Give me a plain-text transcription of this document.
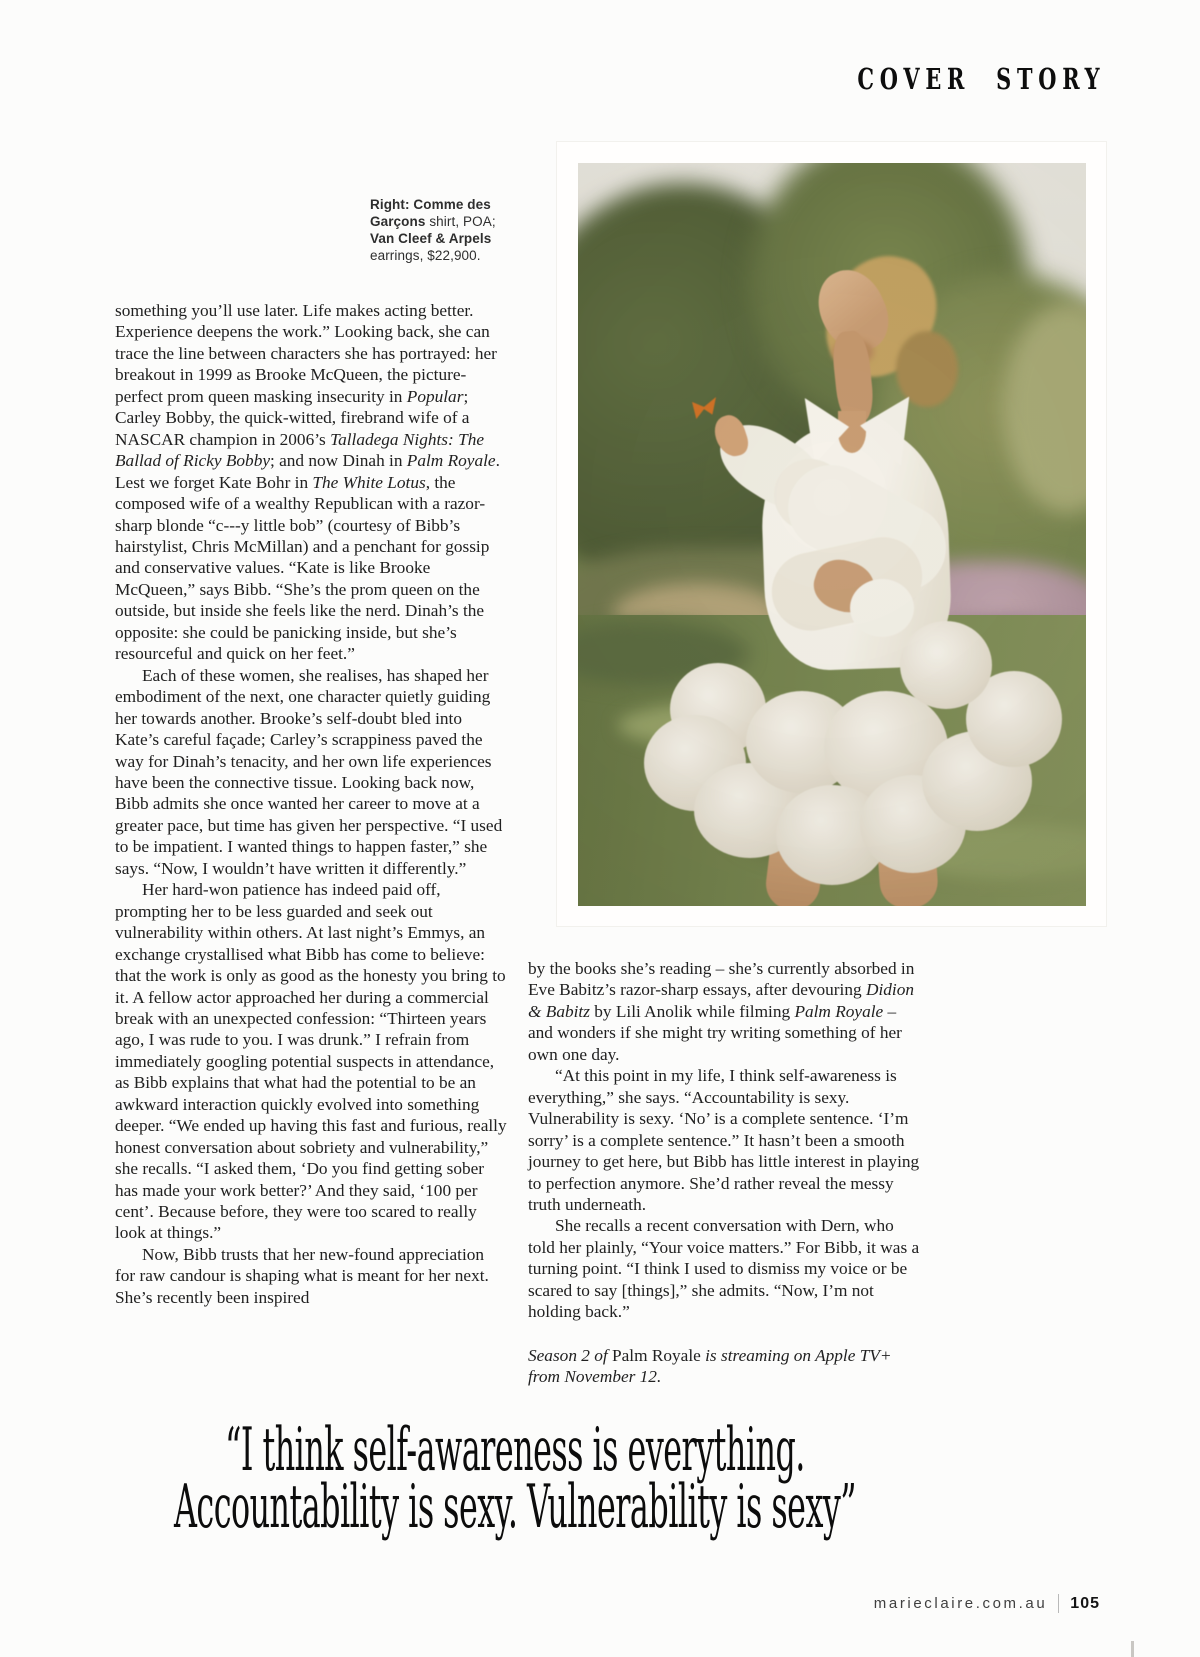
COVER STORY
Right: Comme des Garçons shirt, POA; Van Cleef & Arpels earrings, $22,900.

something you’ll use later. Life makes acting better. Experience deepens the work.” Looking back, she can trace the line between characters she has portrayed: her breakout in 1999 as Brooke McQueen, the picture-perfect prom queen masking insecurity in Popular; Carley Bobby, the quick-witted, firebrand wife of a NASCAR champion in 2006’s Talladega Nights: The Ballad of Ricky Bobby; and now Dinah in Palm Royale. Lest we forget Kate Bohr in The White Lotus, the composed wife of a wealthy Republican with a razor-sharp blonde “c---y little bob” (courtesy of Bibb’s hairstylist, Chris McMillan) and a penchant for gossip and conservative values. “Kate is like Brooke McQueen,” says Bibb. “She’s the prom queen on the outside, but inside she feels like the nerd. Dinah’s the opposite: she could be panicking inside, but she’s resourceful and quick on her feet.”

Each of these women, she realises, has shaped her embodiment of the next, one character quietly guiding her towards another. Brooke’s self-doubt bled into Kate’s careful façade; Carley’s scrappiness paved the way for Dinah’s tenacity, and her own life experiences have been the connective tissue. Looking back now, Bibb admits she once wanted her career to move at a greater pace, but time has given her perspective. “I used to be impatient. I wanted things to happen faster,” she says. “Now, I wouldn’t have written it differently.”

Her hard-won patience has indeed paid off, prompting her to be less guarded and seek out vulnerability within others. At last night’s Emmys, an exchange crystallised what Bibb has come to believe: that the work is only as good as the honesty you bring to it. A fellow actor approached her during a commercial break with an unexpected confession: “Thirteen years ago, I was rude to you. I was drunk.” I refrain from immediately googling potential suspects in attendance, as Bibb explains that what had the potential to be an awkward interaction quickly evolved into something deeper. “We ended up having this fast and furious, really honest conversation about sobriety and vulnerability,” she recalls. “I asked them, ‘Do you find getting sober has made your work better?’ And they said, ‘100 per cent’. Because before, they were too scared to really look at things.”

Now, Bibb trusts that her new-found appreciation for raw candour is shaping what is meant for her next. She’s recently been inspired

by the books she’s reading – she’s currently absorbed in Eve Babitz’s razor-sharp essays, after devouring Didion & Babitz by Lili Anolik while filming Palm Royale – and wonders if she might try writing something of her own one day.

“At this point in my life, I think self-awareness is everything,” she says. “Accountability is sexy. Vulnerability is sexy. ‘No’ is a complete sentence. ‘I’m sorry’ is a complete sentence.” It hasn’t been a smooth journey to get here, but Bibb has little interest in playing to perfection anymore. She’d rather reveal the messy truth underneath.

She recalls a recent conversation with Dern, who told her plainly, “Your voice matters.” For Bibb, it was a turning point. “I think I used to dismiss my voice or be scared to say [things],” she admits. “Now, I’m not holding back.”

Season 2 of Palm Royale is streaming on Apple TV+ from November 12.

“I think self-awareness is everything.
Accountability is sexy. Vulnerability is sexy”
marieclaire.com.au 105
